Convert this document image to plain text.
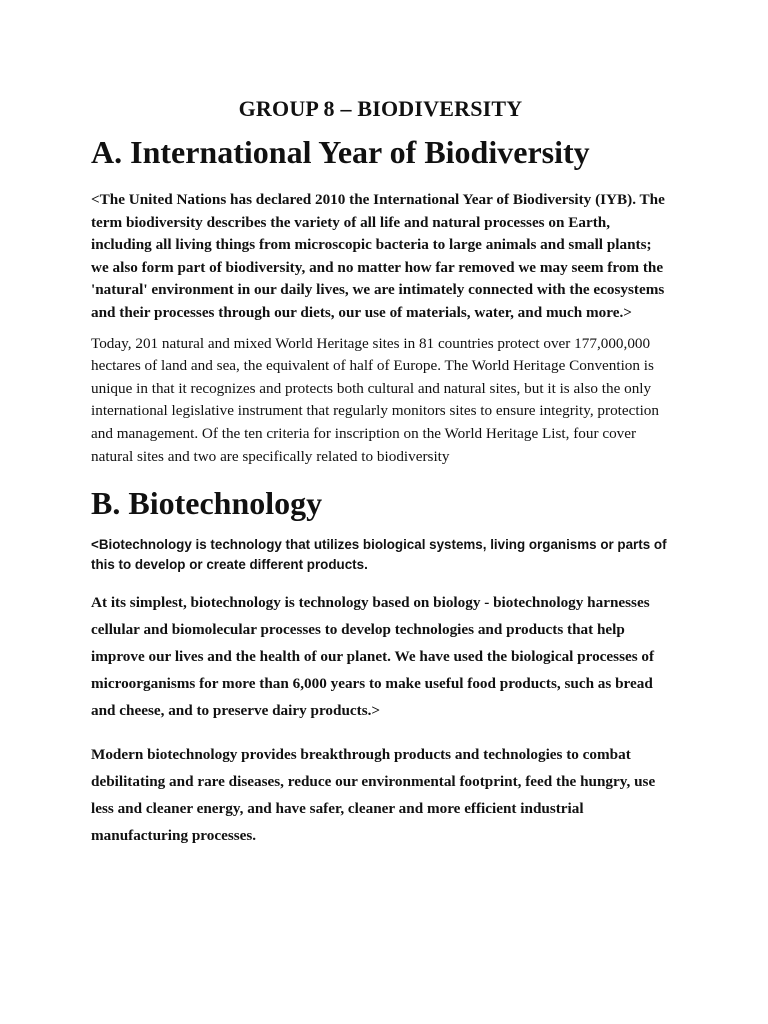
GROUP 8 – BIODIVERSITY
A. International Year of Biodiversity

<The United Nations has declared 2010 the International Year of Biodiversity (IYB). The term biodiversity describes the variety of all life and natural processes on Earth, including all living things from microscopic bacteria to large animals and small plants; we also form part of biodiversity, and no matter how far removed we may seem from the 'natural' environment in our daily lives, we are intimately connected with the ecosystems and their processes through our diets, our use of materials, water, and much more.>

Today, 201 natural and mixed World Heritage sites in 81 countries protect over 177,000,000 hectares of land and sea, the equivalent of half of Europe. The World Heritage Convention is unique in that it recognizes and protects both cultural and natural sites, but it is also the only international legislative instrument that regularly monitors sites to ensure integrity, protection and management. Of the ten criteria for inscription on the World Heritage List, four cover natural sites and two are specifically related to biodiversity

B. Biotechnology

<Biotechnology is technology that utilizes biological systems, living organisms or parts of this to develop or create different products.

At its simplest, biotechnology is technology based on biology - biotechnology harnesses cellular and biomolecular processes to develop technologies and products that help improve our lives and the health of our planet. We have used the biological processes of microorganisms for more than 6,000 years to make useful food products, such as bread and cheese, and to preserve dairy products.>

Modern biotechnology provides breakthrough products and technologies to combat debilitating and rare diseases, reduce our environmental footprint, feed the hungry, use less and cleaner energy, and have safer, cleaner and more efficient industrial manufacturing processes.
